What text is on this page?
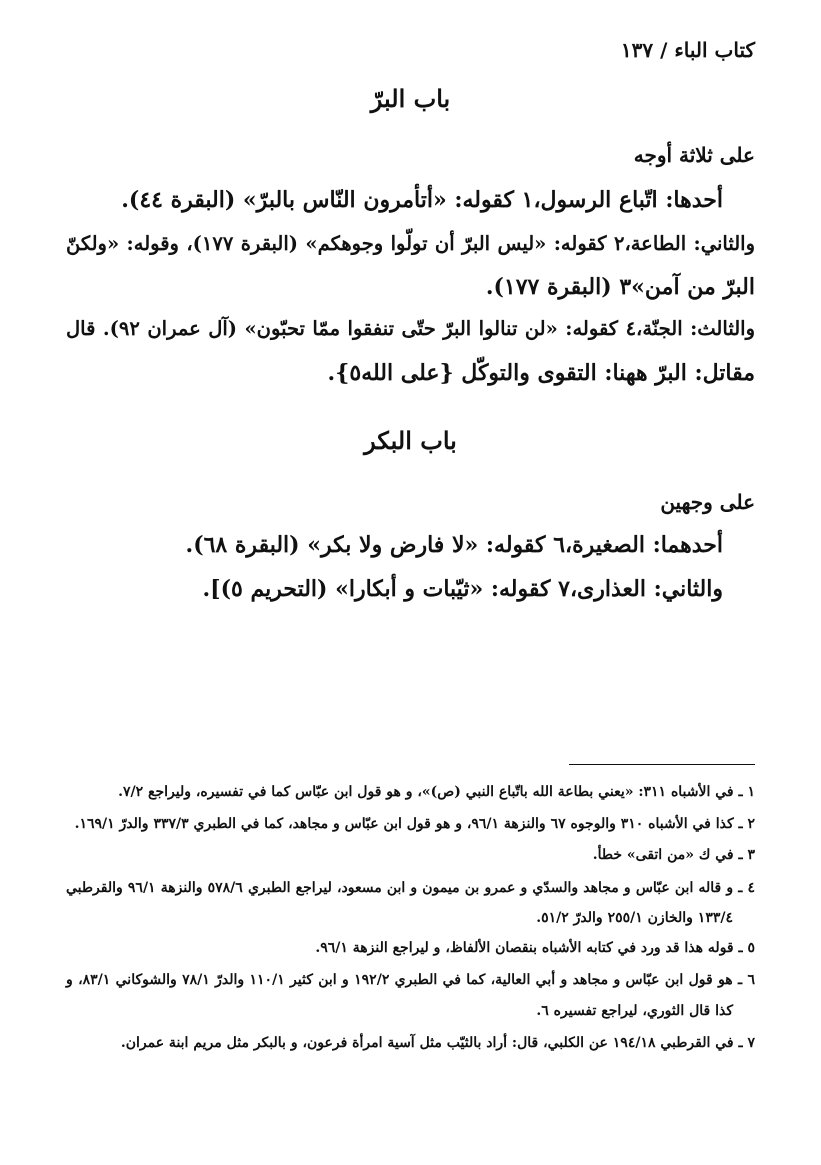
كتاب الباء / ١٣٧
باب البرّ
على ثلاثة أوجه
أحدها: اتّباع الرسول،١ كقوله: «أتأمرون النّاس بالبرّ» (البقرة ٤٤).
والثاني: الطاعة،٢ كقوله: «ليس البرّ أن تولّوا وجوهكم» (البقرة ١٧٧)، وقوله: «ولكنّ
البرّ من آمن»٣ (البقرة ١٧٧).
والثالث: الجنّة،٤ كقوله: «لن تنالوا البرّ حتّى تنفقوا ممّا تحبّون» (آل عمران ٩٢). قال
مقاتل: البرّ ههنا: التقوى والتوكّل {على الله٥}.
باب البكر
على وجهين
أحدهما: الصغيرة،٦ كقوله: «لا فارض ولا بكر» (البقرة ٦٨).
والثاني: العذارى،٧ كقوله: «ثيّبات و أبكارا» (التحريم ٥)].
١ ـ في الأشباه ٣١١: «يعني بطاعة الله باتّباع النبي (ص)»، و هو قول ابن عبّاس كما في تفسيره، وليراجع ٧/٢.
٢ ـ كذا في الأشباه ٣١٠ والوجوه ٦٧ والنزهة ٩٦/١، و هو قول ابن عبّاس و مجاهد، كما في الطبري ٣٣٧/٣ والدرّ ١٦٩/١.
٣ ـ في ك «من اتقى» خطأ.
٤ ـ و قاله ابن عبّاس و مجاهد والسدّي و عمرو بن ميمون و ابن مسعود، ليراجع الطبري ٥٧٨/٦ والنزهة ٩٦/١ والقرطبي
١٣٣/٤ والخازن ٢٥٥/١ والدرّ ٥١/٢.
٥ ـ قوله هذا قد ورد في كتابه الأشباه بنقصان الألفاظ، و ليراجع النزهة ٩٦/١.
٦ ـ هو قول ابن عبّاس و مجاهد و أبي العالية، كما في الطبري ١٩٢/٢ و ابن كثير ١١٠/١ والدرّ ٧٨/١ والشوكاني ٨٣/١، و
كذا قال الثوري، ليراجع تفسيره ٦.
٧ ـ في القرطبي ١٩٤/١٨ عن الكلبي، قال: أراد بالثيّب مثل آسية امرأة فرعون، و بالبكر مثل مريم ابنة عمران.
